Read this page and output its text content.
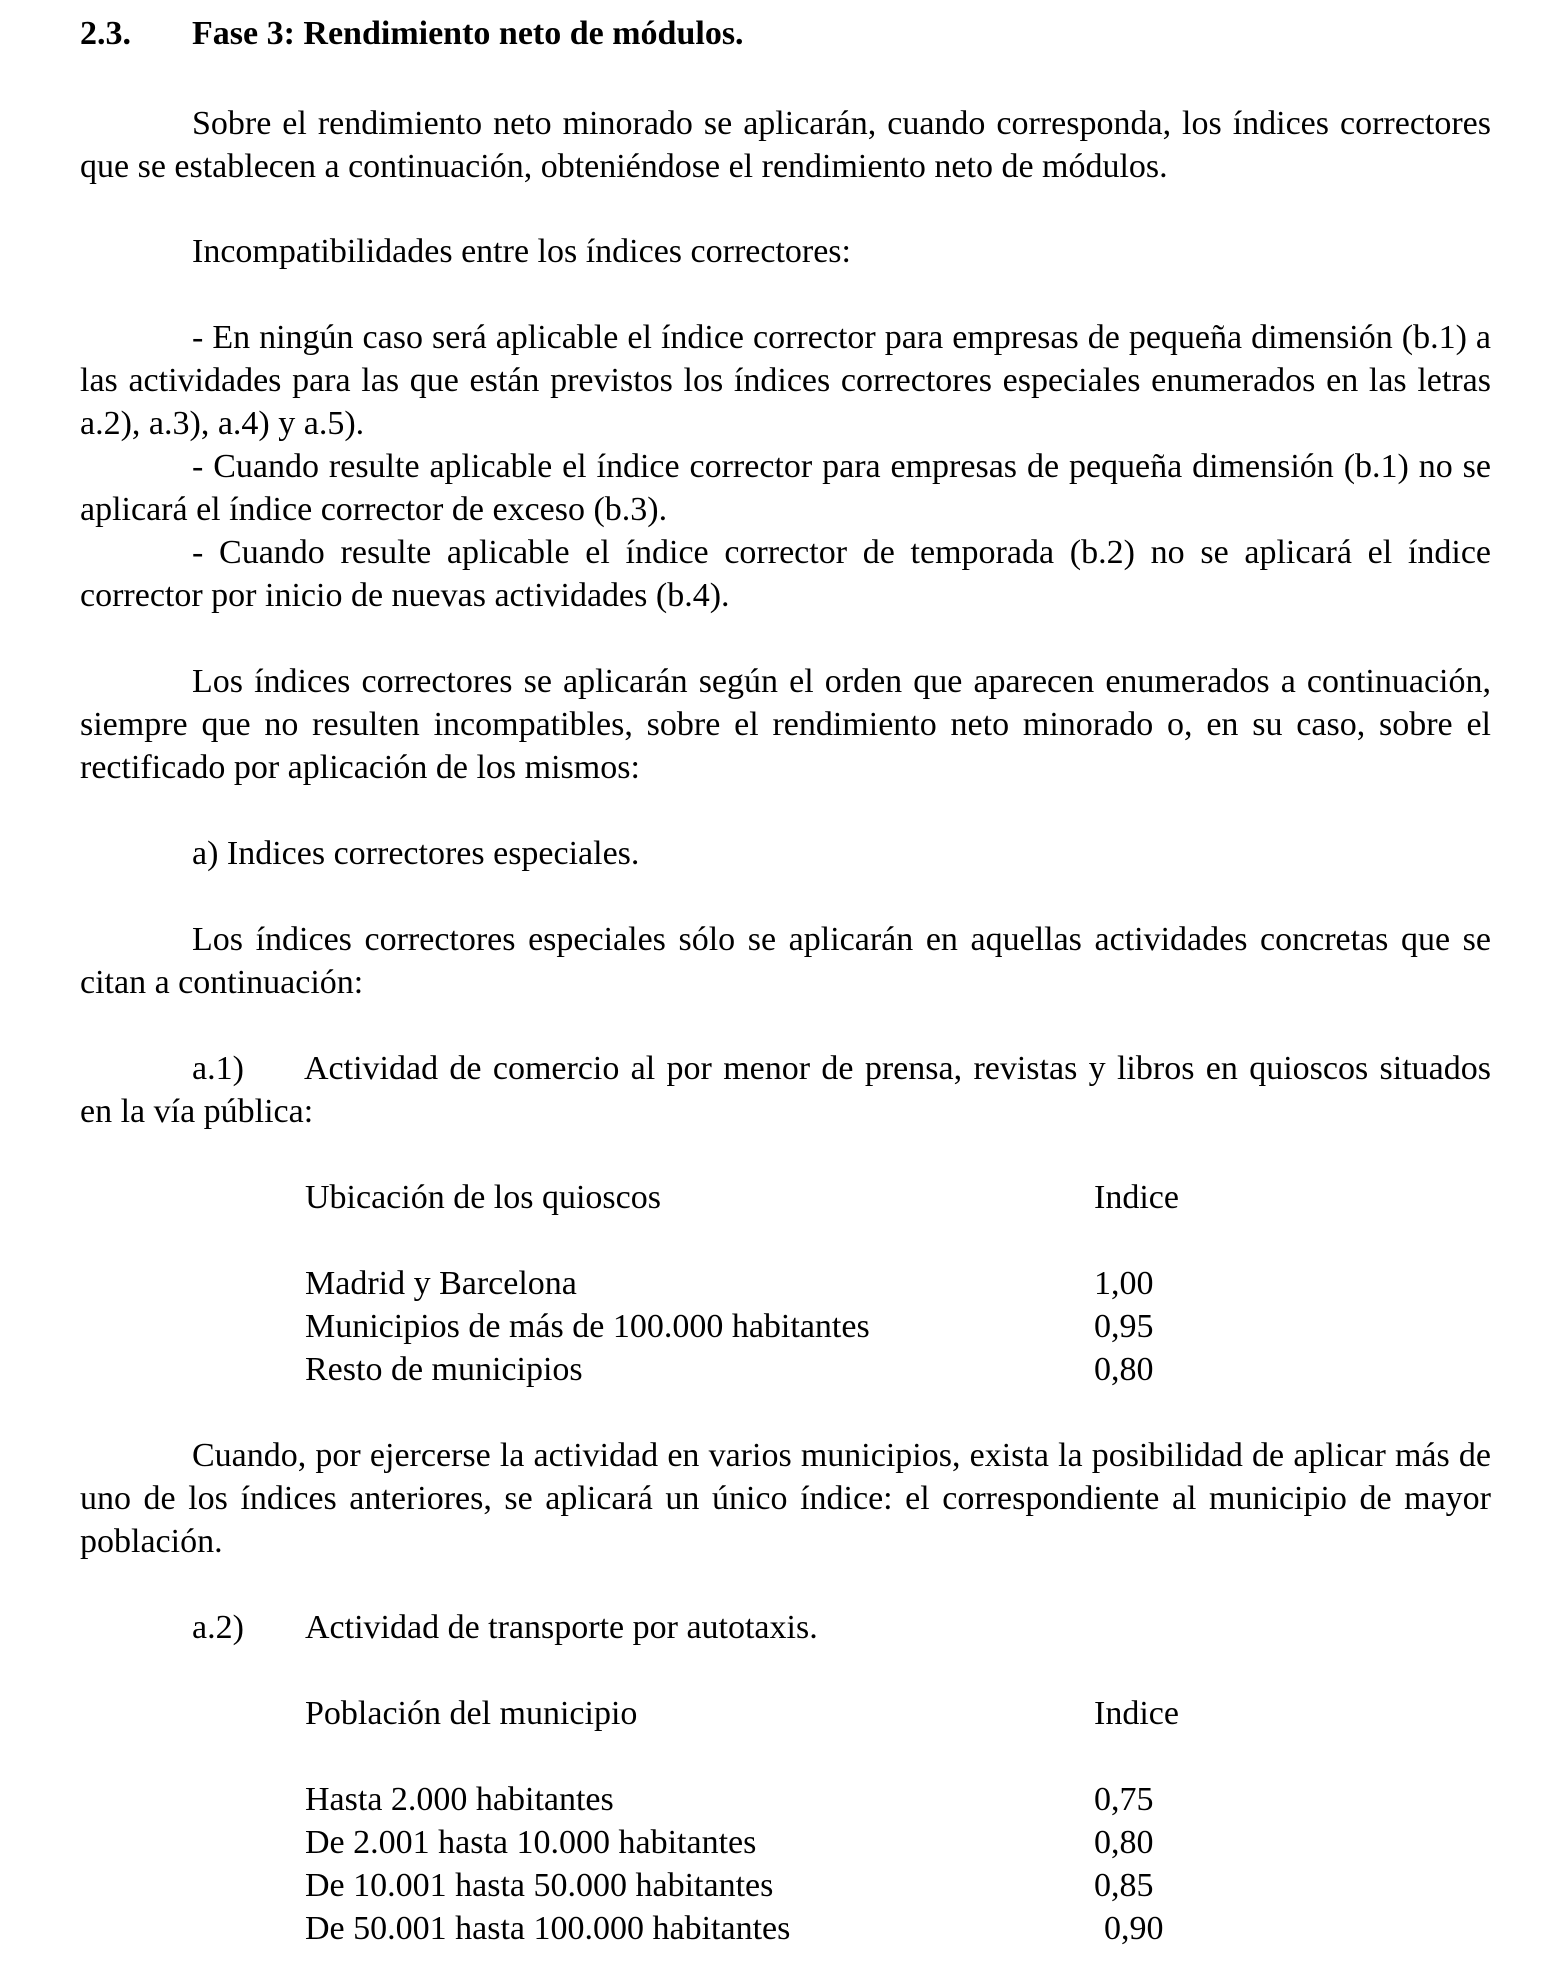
2.3. Fase 3: Rendimiento neto de módulos.
Sobre el rendimiento neto minorado se aplicarán, cuando corresponda, los índices correctores que se establecen a continuación, obteniéndose el rendimiento neto de módulos.
Incompatibilidades entre los índices correctores:
- En ningún caso será aplicable el índice corrector para empresas de pequeña dimensión (b.1) a las actividades para las que están previstos los índices correctores especiales enumerados en las letras a.2), a.3), a.4) y a.5).
- Cuando resulte aplicable el índice corrector para empresas de pequeña dimensión (b.1) no se aplicará el índice corrector de exceso (b.3).
- Cuando resulte aplicable el índice corrector de temporada (b.2) no se aplicará el índice corrector por inicio de nuevas actividades (b.4).
Los índices correctores se aplicarán según el orden que aparecen enumerados a continuación, siempre que no resulten incompatibles, sobre el rendimiento neto minorado o, en su caso, sobre el rectificado por aplicación de los mismos:
a) Indices correctores especiales.
Los índices correctores especiales sólo se aplicarán en aquellas actividades concretas que se citan a continuación:
a.1) Actividad de comercio al por menor de prensa, revistas y libros en quioscos situados en la vía pública:
Ubicación de los quioscos	Indice
Madrid y Barcelona	1,00
Municipios de más de 100.000 habitantes	0,95
Resto de municipios	0,80
Cuando, por ejercerse la actividad en varios municipios, exista la posibilidad de aplicar más de uno de los índices anteriores, se aplicará un único índice: el correspondiente al municipio de mayor población.
a.2) Actividad de transporte por autotaxis.
Población del municipio	Indice
Hasta 2.000 habitantes	0,75
De 2.001 hasta 10.000 habitantes	0,80
De 10.001 hasta 50.000 habitantes	0,85
De 50.001 hasta 100.000 habitantes	0,90
